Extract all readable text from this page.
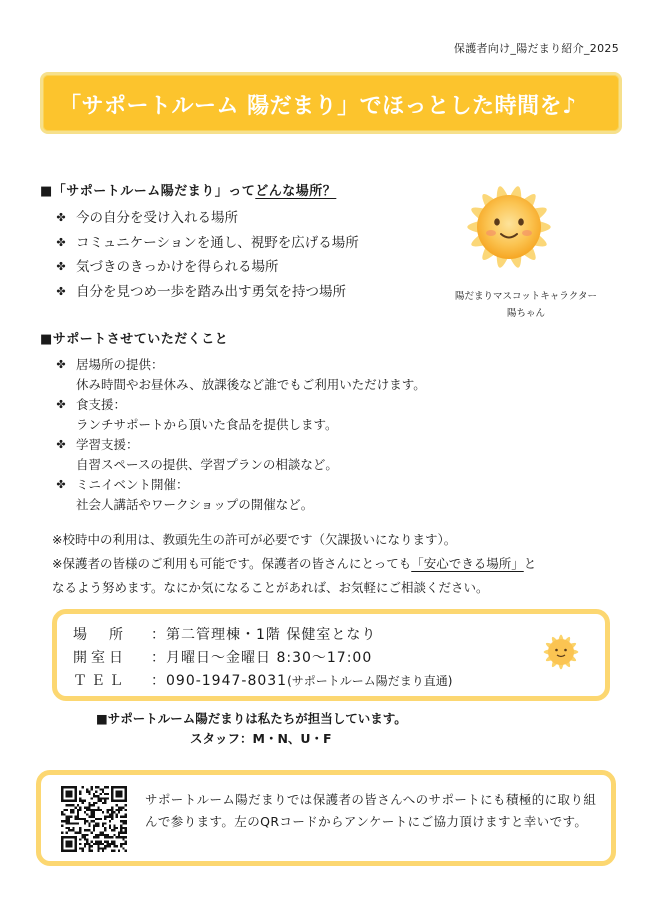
保護者向け_陽だまり紹介_2025
「サポートルーム 陽だまり」でほっとした時間を♪
■「サポートルーム陽だまり」ってどんな場所？
✤ 今の自分を受け入れる場所
✤ コミュニケーションを通し、視野を広げる場所
✤ 気づきのきっかけを得られる場所
✤ 自分を見つめ一歩を踏み出す勇気を持つ場所	陽だまりマスコットキャラクター
陽ちゃん
■サポートさせていただくこと
✤ 居場所の提供：
休み時間やお昼休み、放課後など誰でもご利用いただけます。
✤ 食支援：
ランチサポートから頂いた食品を提供します。
✤ 学習支援：
自習スペースの提供、学習プランの相談など。
✤ ミニイベント開催：
社会人講話やワークショップの開催など。
※校時中の利用は、教頭先生の許可が必要です（欠課扱いになります）。
※保護者の皆様のご利用も可能です。保護者の皆さんにとっても「安心できる場所」と
なるよう努めます。なにか気になることがあれば、お気軽にご相談ください。
場　所	：第二管理棟・1階 保健室となり
開室日	：月曜日～金曜日 8:30～17:00
ＴＥＬ	：090-1947-8031 (サポートルーム陽だまり直通)
■サポートルーム陽だまりは私たちが担当しています。
スタッフ：M・N、U・F
サポートルーム陽だまりでは保護者の皆さんへのサポートにも積極的に取り組んで参ります。左のQRコードからアンケートにご協力頂けますと幸いです。
